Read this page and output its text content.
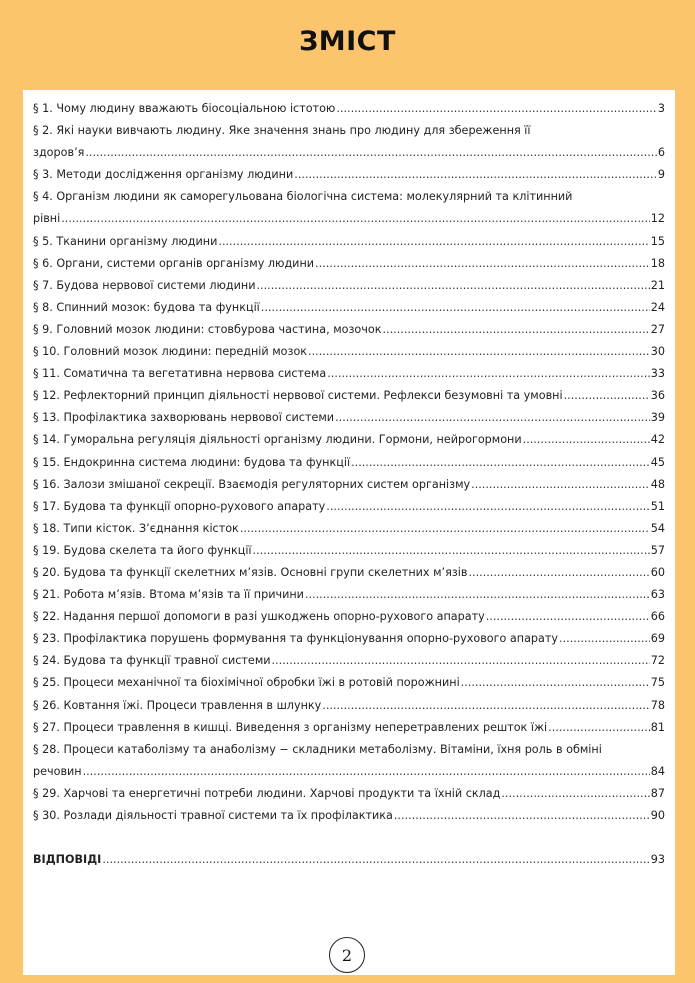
ЗМІСТ
§ 1. Чому людину вважають біосоціальною істотою .....	3
§ 2. Які науки вивчають людину. Яке значення знань про людину для збереження її
здоров’я .....	6
§ 3. Методи дослідження організму людини .....	9
§ 4. Організм людини як саморегульована біологічна система: молекулярний та клітинний
рівні .....	12
§ 5. Тканини організму людини .....	15
§ 6. Органи, системи органів організму людини .....	18
§ 7. Будова нервової системи людини .....	21
§ 8. Спинний мозок: будова та функції .....	24
§ 9. Головний мозок людини: стовбурова частина, мозочок .....	27
§ 10. Головний мозок людини: передній мозок .....	30
§ 11. Соматична та вегетативна нервова система .....	33
§ 12. Рефлекторний принцип діяльності нервової системи. Рефлекси безумовні та умовні .....	36
§ 13. Профілактика захворювань нервової системи .....	39
§ 14. Гуморальна регуляція діяльності організму людини. Гормони, нейрогормони .....	42
§ 15. Ендокринна система людини: будова та функції .....	45
§ 16. Залози змішаної секреції. Взаємодія регуляторних систем організму .....	48
§ 17. Будова та функції опорно-рухового апарату .....	51
§ 18. Типи кісток. З’єднання кісток .....	54
§ 19. Будова скелета та його функції .....	57
§ 20. Будова та функції скелетних м’язів. Основні групи скелетних м’язів .....	60
§ 21. Робота м’язів. Втома м’язів та її причини .....	63
§ 22. Надання першої допомоги в разі ушкоджень опорно-рухового апарату .....	66
§ 23. Профілактика порушень формування та функціонування опорно-рухового апарату .....	69
§ 24. Будова та функції травної системи .....	72
§ 25. Процеси механічної та біохімічної обробки їжі в ротовій порожнині .....	75
§ 26. Ковтання їжі. Процеси травлення в шлунку .....	78
§ 27. Процеси травлення в кишці. Виведення з організму неперетравлених решток їжі .....	81
§ 28. Процеси катаболізму та анаболізму − складники метаболізму. Вітаміни, їхня роль в обміні
речовин .....	84
§ 29. Харчові та енергетичні потреби людини. Харчові продукти та їхній склад .....	87
§ 30. Розлади діяльності травної системи та їх профілактика .....	90
ВІДПОВІДІ .....	93
2
